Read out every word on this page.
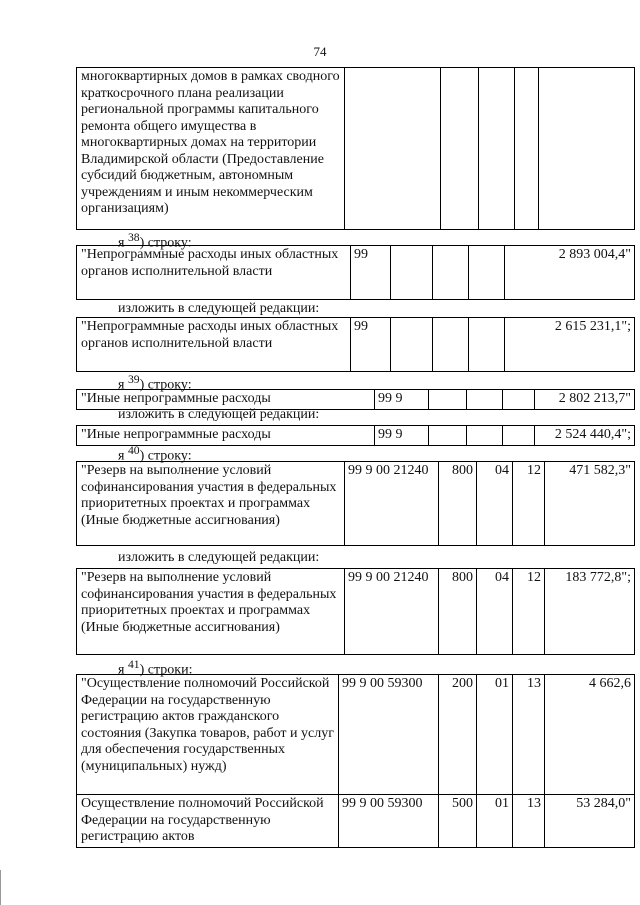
74
многоквартирных домов в рамках сводного краткосрочного плана реализации региональной программы капитального ремонта общего имущества в многоквартирных домах на территории Владимирской области (Предоставление субсидий бюджетным, автономным учреждениям и иным некоммерческим организациям)					
я $^{38}$) строку:
"Непрограммные расходы иных областных органов исполнительной власти	99				2 893 004,4"
изложить в следующей редакции:
"Непрограммные расходы иных областных органов исполнительной власти	99				2 615 231,1";
я $^{39}$) строку:
"Иные непрограммные расходы	99 9				2 802 213,7"
изложить в следующей редакции:
"Иные непрограммные расходы	99 9				2 524 440,4";
я $^{40}$) строку:
"Резерв на выполнение условий софинансирования участия в федеральных приоритетных проектах и программах (Иные бюджетные ассигнования)	99 9 00 21240	800	04	12	471 582,3"
изложить в следующей редакции:
"Резерв на выполнение условий софинансирования участия в федеральных приоритетных проектах и программах (Иные бюджетные ассигнования)	99 9 00 21240	800	04	12	183 772,8";
я $^{41}$) строки:
"Осуществление полномочий Российской Федерации на государственную регистрацию актов гражданского состояния (Закупка товаров, работ и услуг для обеспечения государственных (муниципальных) нужд)	99 9 00 59300	200	01	13	4 662,6
Осуществление полномочий Российской Федерации на государственную регистрацию актов	99 9 00 59300	500	01	13	53 284,0"
